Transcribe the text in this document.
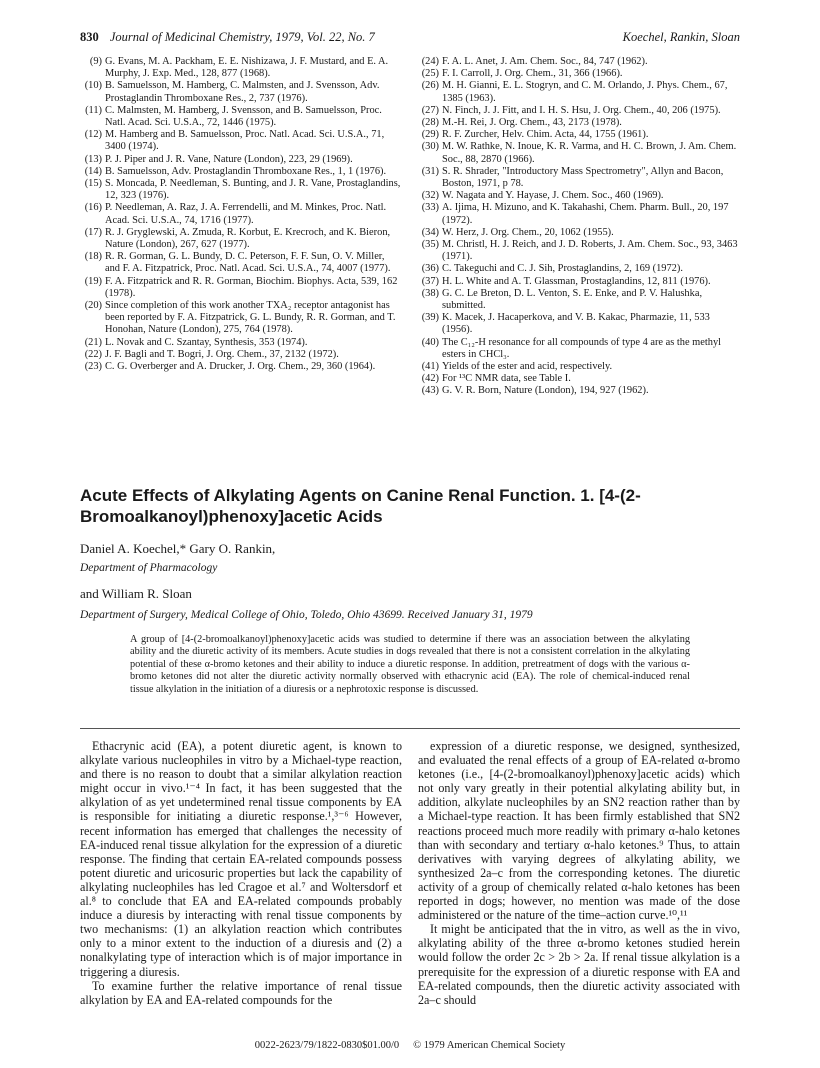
830 Journal of Medicinal Chemistry, 1979, Vol. 22, No. 7	Koechel, Rankin, Sloan
(9) G. Evans, M. A. Packham, E. E. Nishizawa, J. F. Mustard, and E. A. Murphy, J. Exp. Med., 128, 877 (1968).
(10) B. Samuelsson, M. Hamberg, C. Malmsten, and J. Svensson, Adv. Prostaglandin Thromboxane Res., 2, 737 (1976).
(11) C. Malmsten, M. Hamberg, J. Svensson, and B. Samuelsson, Proc. Natl. Acad. Sci. U.S.A., 72, 1446 (1975).
(12) M. Hamberg and B. Samuelsson, Proc. Natl. Acad. Sci. U.S.A., 71, 3400 (1974).
(13) P. J. Piper and J. R. Vane, Nature (London), 223, 29 (1969).
(14) B. Samuelsson, Adv. Prostaglandin Thromboxane Res., 1, 1 (1976).
(15) S. Moncada, P. Needleman, S. Bunting, and J. R. Vane, Prostaglandins, 12, 323 (1976).
(16) P. Needleman, A. Raz, J. A. Ferrendelli, and M. Minkes, Proc. Natl. Acad. Sci. U.S.A., 74, 1716 (1977).
(17) R. J. Gryglewski, A. Zmuda, R. Korbut, E. Krecroch, and K. Bieron, Nature (London), 267, 627 (1977).
(18) R. R. Gorman, G. L. Bundy, D. C. Peterson, F. F. Sun, O. V. Miller, and F. A. Fitzpatrick, Proc. Natl. Acad. Sci. U.S.A., 74, 4007 (1977).
(19) F. A. Fitzpatrick and R. R. Gorman, Biochim. Biophys. Acta, 539, 162 (1978).
(20) Since completion of this work another TXA₂ receptor antagonist has been reported by F. A. Fitzpatrick, G. L. Bundy, R. R. Gorman, and T. Honohan, Nature (London), 275, 764 (1978).
(21) L. Novak and C. Szantay, Synthesis, 353 (1974).
(22) J. F. Bagli and T. Bogri, J. Org. Chem., 37, 2132 (1972).
(23) C. G. Overberger and A. Drucker, J. Org. Chem., 29, 360 (1964).
(24) F. A. L. Anet, J. Am. Chem. Soc., 84, 747 (1962).
(25) F. I. Carroll, J. Org. Chem., 31, 366 (1966).
(26) M. H. Gianni, E. L. Stogryn, and C. M. Orlando, J. Phys. Chem., 67, 1385 (1963).
(27) N. Finch, J. J. Fitt, and I. H. S. Hsu, J. Org. Chem., 40, 206 (1975).
(28) M.-H. Rei, J. Org. Chem., 43, 2173 (1978).
(29) R. F. Zurcher, Helv. Chim. Acta, 44, 1755 (1961).
(30) M. W. Rathke, N. Inoue, K. R. Varma, and H. C. Brown, J. Am. Chem. Soc., 88, 2870 (1966).
(31) S. R. Shrader, "Introductory Mass Spectrometry", Allyn and Bacon, Boston, 1971, p 78.
(32) W. Nagata and Y. Hayase, J. Chem. Soc., 460 (1969).
(33) A. Ijima, H. Mizuno, and K. Takahashi, Chem. Pharm. Bull., 20, 197 (1972).
(34) W. Herz, J. Org. Chem., 20, 1062 (1955).
(35) M. Christl, H. J. Reich, and J. D. Roberts, J. Am. Chem. Soc., 93, 3463 (1971).
(36) C. Takeguchi and C. J. Sih, Prostaglandins, 2, 169 (1972).
(37) H. L. White and A. T. Glassman, Prostaglandins, 12, 811 (1976).
(38) G. C. Le Breton, D. L. Venton, S. E. Enke, and P. V. Halushka, submitted.
(39) K. Macek, J. Hacaperkova, and V. B. Kakac, Pharmazie, 11, 533 (1956).
(40) The C₁₂-H resonance for all compounds of type 4 are as the methyl esters in CHCl₃.
(41) Yields of the ester and acid, respectively.
(42) For ¹³C NMR data, see Table I.
(43) G. V. R. Born, Nature (London), 194, 927 (1962).
Acute Effects of Alkylating Agents on Canine Renal Function. 1. [4-(2-Bromoalkanoyl)phenoxy]acetic Acids
Daniel A. Koechel,* Gary O. Rankin,
Department of Pharmacology
and William R. Sloan
Department of Surgery, Medical College of Ohio, Toledo, Ohio 43699. Received January 31, 1979
A group of [4-(2-bromoalkanoyl)phenoxy]acetic acids was studied to determine if there was an association between the alkylating ability and the diuretic activity of its members. Acute studies in dogs revealed that there is not a consistent correlation in the alkylating potential of these α-bromo ketones and their ability to induce a diuretic response. In addition, pretreatment of dogs with the various α-bromo ketones did not alter the diuretic activity normally observed with ethacrynic acid (EA). The role of chemical-induced renal tissue alkylation in the initiation of a diuresis or a nephrotoxic response is discussed.

Ethacrynic acid (EA), a potent diuretic agent, is known to alkylate various nucleophiles in vitro by a Michael-type reaction, and there is no reason to doubt that a similar alkylation reaction might occur in vivo.¹⁻⁴ In fact, it has been suggested that the alkylation of as yet undetermined renal tissue components by EA is responsible for initiating a diuretic response.¹,³⁻⁶ However, recent information has emerged that challenges the necessity of EA-induced renal tissue alkylation for the expression of a diuretic response. The finding that certain EA-related compounds possess potent diuretic and uricosuric properties but lack the capability of alkylating nucleophiles has led Cragoe et al.⁷ and Woltersdorf et al.⁸ to conclude that EA and EA-related compounds probably induce a diuresis by interacting with renal tissue components by two mechanisms: (1) an alkylation reaction which contributes only to a minor extent to the induction of a diuresis and (2) a nonalkylating type of interaction which is of major importance in triggering a diuresis.

To examine further the relative importance of renal tissue alkylation by EA and EA-related compounds for the

expression of a diuretic response, we designed, synthesized, and evaluated the renal effects of a group of EA-related α-bromo ketones (i.e., [4-(2-bromoalkanoyl)phenoxy]acetic acids) which not only vary greatly in their potential alkylating ability but, in addition, alkylate nucleophiles by an SN2 reaction rather than by a Michael-type reaction. It has been firmly established that SN2 reactions proceed much more readily with primary α-halo ketones than with secondary and tertiary α-halo ketones.⁹ Thus, to attain derivatives with varying degrees of alkylating ability, we synthesized 2a–c from the corresponding ketones. The diuretic activity of a group of chemically related α-halo ketones has been reported in dogs; however, no mention was made of the dose administered or the nature of the time–action curve.¹⁰,¹¹

It might be anticipated that the in vitro, as well as the in vivo, alkylating ability of the three α-bromo ketones studied herein would follow the order 2c > 2b > 2a. If renal tissue alkylation is a prerequisite for the expression of a diuretic response with EA and EA-related compounds, then the diuretic activity associated with 2a–c should

0022-2623/79/1822-0830$01.00/0 © 1979 American Chemical Society
